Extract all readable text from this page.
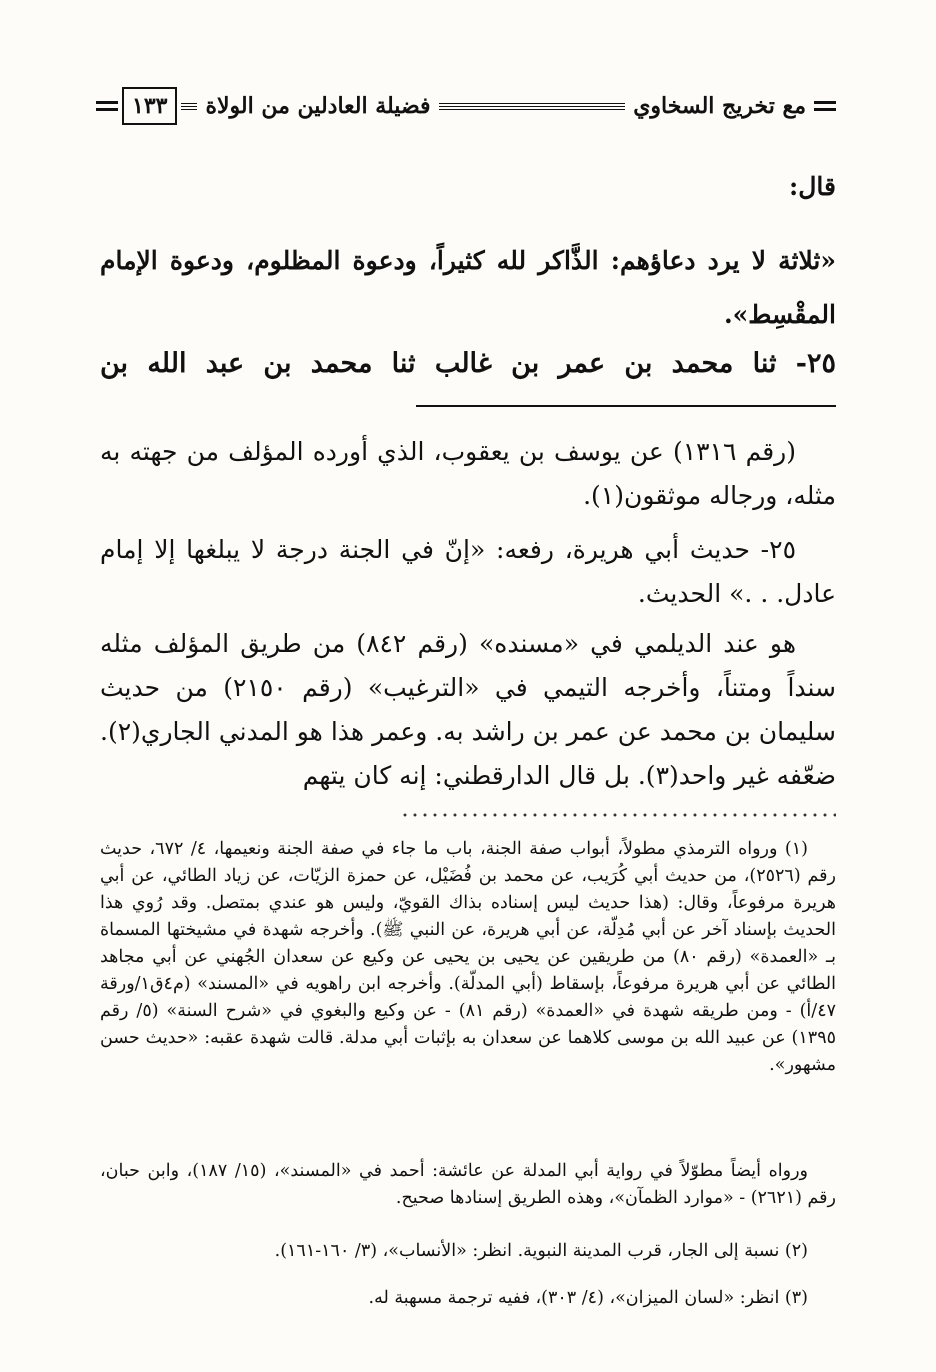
مع تخريج السخاوي
فضيلة العادلين من الولاة
١٣٣
قال:
«ثلاثة لا يرد دعاؤهم: الذَّاكر لله كثيراً، ودعوة المظلوم، ودعوة الإمام المقْسِط».
٢٥- ثنا محمد بن عمر بن غالب ثنا محمد بن عبد الله بن

(رقم ١٣١٦) عن يوسف بن يعقوب، الذي أورده المؤلف من جهته به مثله، ورجاله موثقون(١).

٢٥- حديث أبي هريرة، رفعه: «إنّ في الجنة درجة لا يبلغها إلا إمام عادل. . .» الحديث.

هو عند الديلمي في «مسنده» (رقم ٨٤٢) من طريق المؤلف مثله سنداً ومتناً، وأخرجه التيمي في «الترغيب» (رقم ٢١٥٠) من حديث سليمان بن محمد عن عمر بن راشد به. وعمر هذا هو المدني الجاري(٢). ضعّفه غير واحد(٣). بل قال الدارقطني: إنه كان يتهم

(١) ورواه الترمذي مطولاً، أبواب صفة الجنة، باب ما جاء في صفة الجنة ونعيمها، ٤/ ٦٧٢، حديث رقم (٢٥٢٦)، من حديث أبي كُرَيب، عن محمد بن فُضَيْل، عن حمزة الزيّات، عن زياد الطائي، عن أبي هريرة مرفوعاً، وقال: (هذا حديث ليس إسناده بذاك القويّ، وليس هو عندي بمتصل. وقد رُوي هذا الحديث بإسناد آخر عن أبي مُدِلّة، عن أبي هريرة، عن النبي ﷺ). وأخرجه شهدة في مشيختها المسماة بـ «العمدة» (رقم ٨٠) من طريقين عن يحيى بن يحيى عن وكيع عن سعدان الجُهني عن أبي مجاهد الطائي عن أبي هريرة مرفوعاً، بإسقاط (أبي المدلّة). وأخرجه ابن راهويه في «المسند» (م٤ق١/ورقة ٤٧/أ) - ومن طريقه شهدة في «العمدة» (رقم ٨١) - عن وكيع والبغوي في «شرح السنة» (٥/ رقم ١٣٩٥) عن عبيد الله بن موسى كلاهما عن سعدان به بإثبات أبي مدلة. قالت شهدة عقبه: «حديث حسن مشهور».

ورواه أيضاً مطوّلاً في رواية أبي المدلة عن عائشة: أحمد في «المسند»، (١٥/ ١٨٧)، وابن حبان، رقم (٢٦٢١) - «موارد الظمآن»، وهذه الطريق إسنادها صحيح.

(٢) نسبة إلى الجار، قرب المدينة النبوية. انظر: «الأنساب»، (٣/ ١٦٠-١٦١).

(٣) انظر: «لسان الميزان»، (٤/ ٣٠٣)، ففيه ترجمة مسهبة له.
